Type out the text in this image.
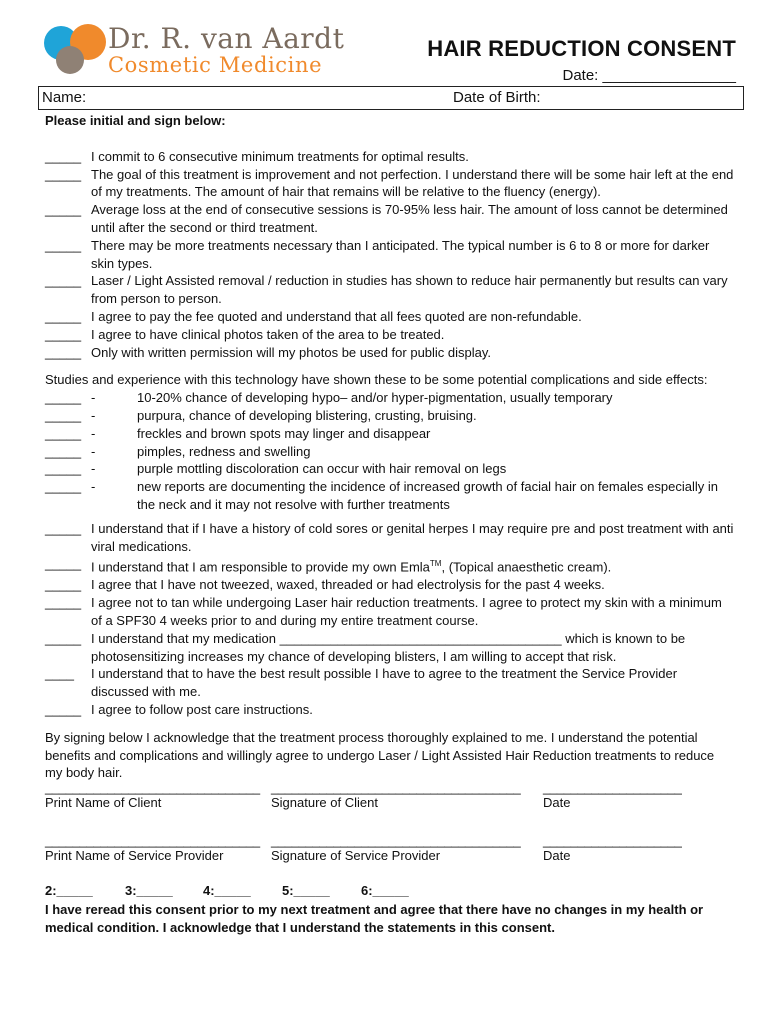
Dr. R. van Aardt
Cosmetic Medicine
HAIR REDUCTION CONSENT
Date: ________________
Name:	Date of Birth:
Please initial and sign below:
_____ I commit to 6 consecutive minimum treatments for optimal results.
_____ The goal of this treatment is improvement and not perfection. I understand there will be some hair left at the end of my treatments. The amount of hair that remains will be relative to the fluency (energy).
_____ Average loss at the end of consecutive sessions is 70-95% less hair. The amount of loss cannot be determined until after the second or third treatment.
_____ There may be more treatments necessary than I anticipated. The typical number is 6 to 8 or more for darker skin types.
_____ Laser / Light Assisted removal / reduction in studies has shown to reduce hair permanently but results can vary from person to person.
_____ I agree to pay the fee quoted and understand that all fees quoted are non-refundable.
_____ I agree to have clinical photos taken of the area to be treated.
_____ Only with written permission will my photos be used for public display.
Studies and experience with this technology have shown these to be some potential complications and side effects:
_____ -	10-20% chance of developing hypo– and/or hyper-pigmentation, usually temporary
_____ -	purpura, chance of developing blistering, crusting, bruising.
_____ -	freckles and brown spots may linger and disappear
_____ -	pimples, redness and swelling
_____ -	purple mottling discoloration can occur with hair removal on legs
_____ -	new reports are documenting the incidence of increased growth of facial hair on females especially in the neck and it may not resolve with further treatments
_____ I understand that if I have a history of cold sores or genital herpes I may require pre and post treatment with anti viral medications.
_____ I understand that I am responsible to provide my own Emla™, (Topical anaesthetic cream).
_____ I agree that I have not tweezed, waxed, threaded or had electrolysis for the past 4 weeks.
_____ I agree not to tan while undergoing Laser hair reduction treatments. I agree to protect my skin with a minimum of a SPF30 4 weeks prior to and during my entire treatment course.
_____ I understand that my medication _______________________________________ which is known to be photosensitizing increases my chance of developing blisters, I am willing to accept that risk.
____	I understand that to have the best result possible I have to agree to the treatment the Service Provider discussed with me.
_____ I agree to follow post care instructions.
By signing below I acknowledge that the treatment process thoroughly explained to me. I understand the potential benefits and complications and willingly agree to undergo Laser / Light Assisted Hair Reduction treatments to reduce my body hair.
_______________________________
Print Name of Client
____________________________________
Signature of Client
____________________
Date
_______________________________
Print Name of Service Provider
____________________________________
Signature of Service Provider
____________________
Date
2:_____ 3:_____ 4:_____ 5:_____ 6:_____
I have reread this consent prior to my next treatment and agree that there have no changes in my health or medical condition. I acknowledge that I understand the statements in this consent.
